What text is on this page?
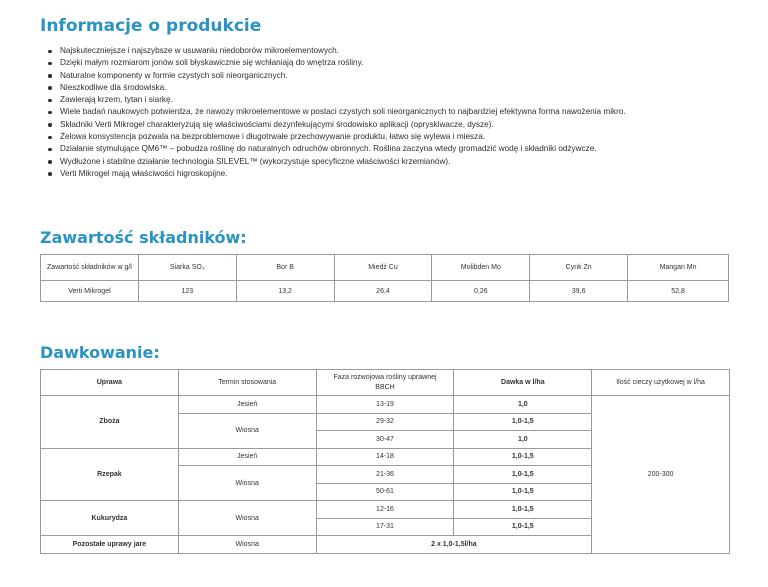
Informacje o produkcie
Najskuteczniejsze i najszybsze w usuwaniu niedoborów mikroelementowych.
Dzięki małym rozmiarom jonów soli błyskawicznie się wchłaniają do wnętrza rośliny.
Naturalne komponenty w formie czystych soli nieorganicznych.
Nieszkodliwe dla środowiska.
Zawierają krzem, tytan i siarkę.
Wiele badań naukowych potwierdza, że nawozy mikroelementowe w postaci czystych soli nieorganicznych to najbardziej efektywna forma nawożenia mikro.
Składniki Verti Mikrogel charakteryzują się właściwościami dezynfekującymi środowisko aplikacji (opryskiwacze, dysze).
Żelowa konsystencja pozwala na bezproblemowe i długotrwałe przechowywanie produktu, łatwo się wylewa i miesza.
Działanie stymulujące QM6™ – pobudza roślinę do naturalnych odruchów obronnych. Roślina zaczyna wtedy gromadzić wodę i składniki odżywcze.
Wydłużone i stabilne działanie technologia SILEVEL™ (wykorzystuje specyficzne właściwości krzemianów).
Verti Mikrogel mają właściwości higroskopijne.
Zawartość składników:
Zawartość składników w g/l	Siarka SO₃	Bor B	Miedź Cu	Molibden Mo	Cynk Zn	Mangan Mn
Verti Mikrogel	123	13,2	26,4	0,26	39,6	52,8
Dawkowanie:
Uprawa	Termin stosowania	Faza rozwojowa rośliny uprawnej BBCH	Dawka w l/ha	Ilość cieczy użytkowej w l/ha
Zboża	Jesień	13-19	1,0	200-300
	Wiosna	29-32	1,0-1,5	
		30-47	1,0	
Rzepak	Jesień	14-18	1,0-1,5	
	Wiosna	21-36	1,0-1,5	
		50-61	1,0-1,5	
Kukurydza	Wiosna	12-16	1,0-1,5	
		17-31	1,0-1,5	
Pozostałe uprawy jare	Wiosna	2 x 1,0-1,5l/ha		
